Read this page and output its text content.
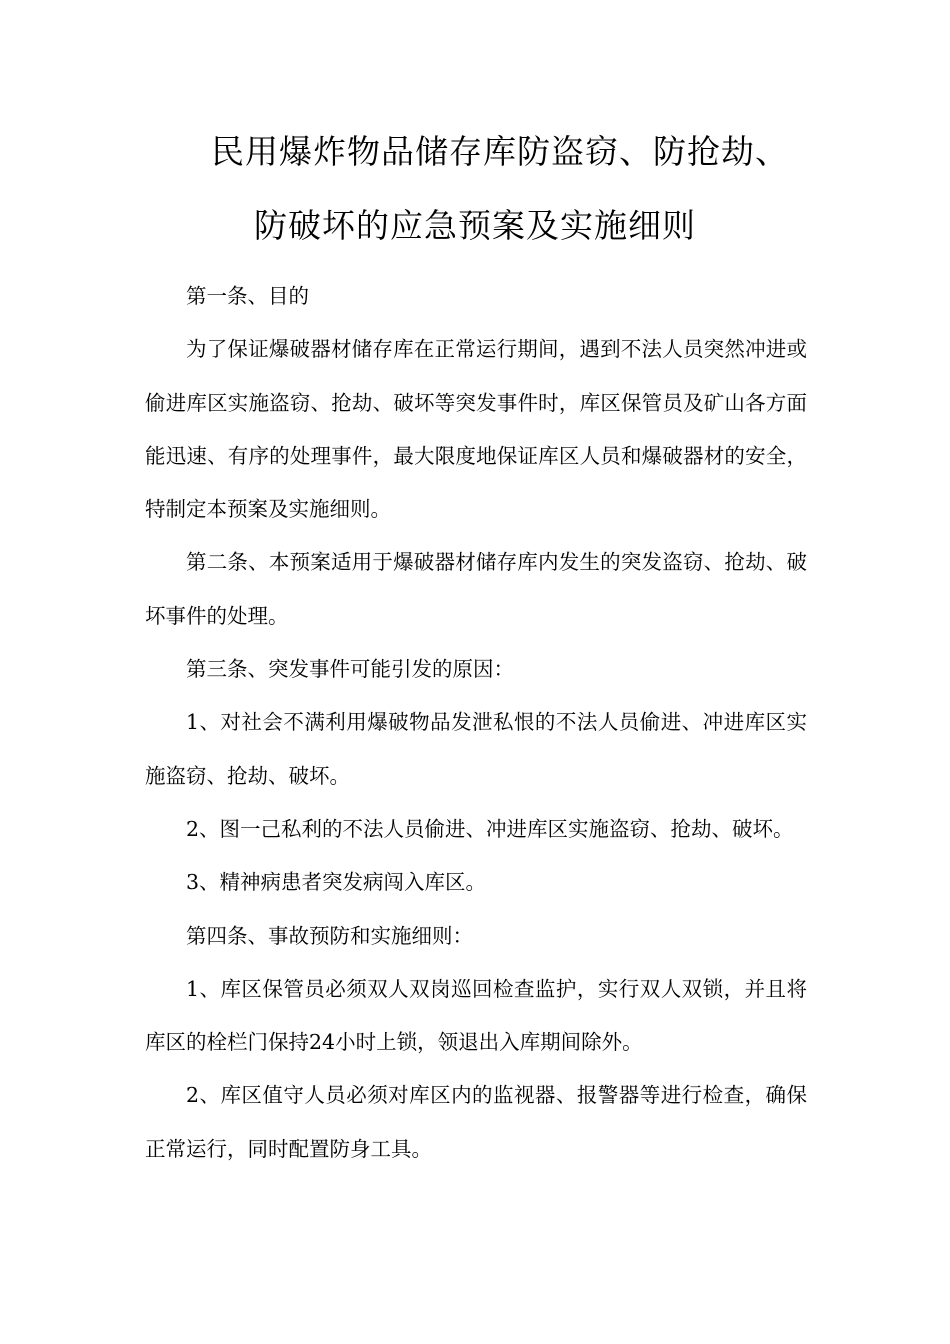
民用爆炸物品储存库防盗窃、防抢劫、
防破坏的应急预案及实施细则

第一条、目的

为了保证爆破器材储存库在正常运行期间，遇到不法人员突然冲进或偷进库区实施盗窃、抢劫、破坏等突发事件时，库区保管员及矿山各方面能迅速、有序的处理事件，最大限度地保证库区人员和爆破器材的安全，特制定本预案及实施细则。

第二条、本预案适用于爆破器材储存库内发生的突发盗窃、抢劫、破坏事件的处理。

第三条、突发事件可能引发的原因：

1、对社会不满利用爆破物品发泄私恨的不法人员偷进、冲进库区实施盗窃、抢劫、破坏。

2、图一己私利的不法人员偷进、冲进库区实施盗窃、抢劫、破坏。

3、精神病患者突发病闯入库区。

第四条、事故预防和实施细则：

1、库区保管员必须双人双岗巡回检查监护，实行双人双锁，并且将库区的栓栏门保持24小时上锁，领退出入库期间除外。

2、库区值守人员必须对库区内的监视器、报警器等进行检查，确保正常运行，同时配置防身工具。
